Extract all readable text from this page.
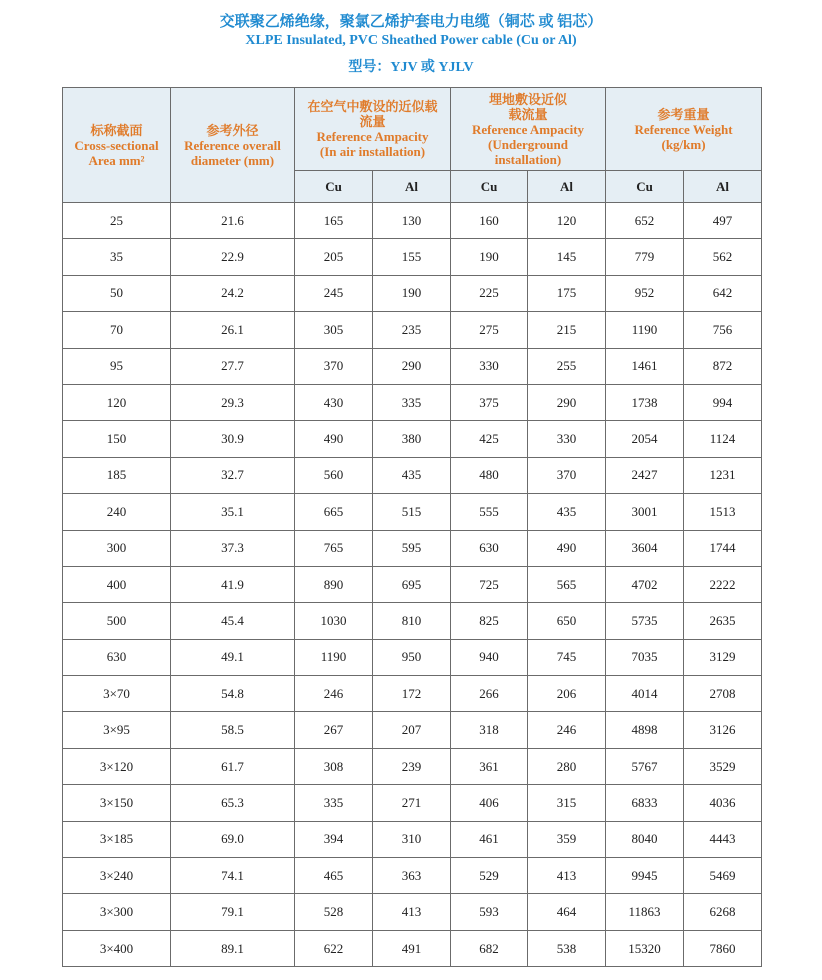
交联聚乙烯绝缘，聚氯乙烯护套电力电缆（铜芯 或 铝芯）
XLPE Insulated, PVC Sheathed Power cable (Cu or Al)
型号：YJV 或 YJLV
标称截面
Cross-sectional
Area mm²	参考外径
Reference overall
diameter (mm)	在空气中敷设的近似载
流量
Reference Ampacity
(In air installation)		埋地敷设近似
载流量
Reference Ampacity
(Underground
installation)		参考重量
Reference Weight
(kg/km)	

		Cu	Al	Cu	Al	Cu	Al
25	21.6	165	130	160	120	652	497
35	22.9	205	155	190	145	779	562
50	24.2	245	190	225	175	952	642
70	26.1	305	235	275	215	1190	756
95	27.7	370	290	330	255	1461	872
120	29.3	430	335	375	290	1738	994
150	30.9	490	380	425	330	2054	1124
185	32.7	560	435	480	370	2427	1231
240	35.1	665	515	555	435	3001	1513
300	37.3	765	595	630	490	3604	1744
400	41.9	890	695	725	565	4702	2222
500	45.4	1030	810	825	650	5735	2635
630	49.1	1190	950	940	745	7035	3129
3×70	54.8	246	172	266	206	4014	2708
3×95	58.5	267	207	318	246	4898	3126
3×120	61.7	308	239	361	280	5767	3529
3×150	65.3	335	271	406	315	6833	4036
3×185	69.0	394	310	461	359	8040	4443
3×240	74.1	465	363	529	413	9945	5469
3×300	79.1	528	413	593	464	11863	6268
3×400	89.1	622	491	682	538	15320	7860
